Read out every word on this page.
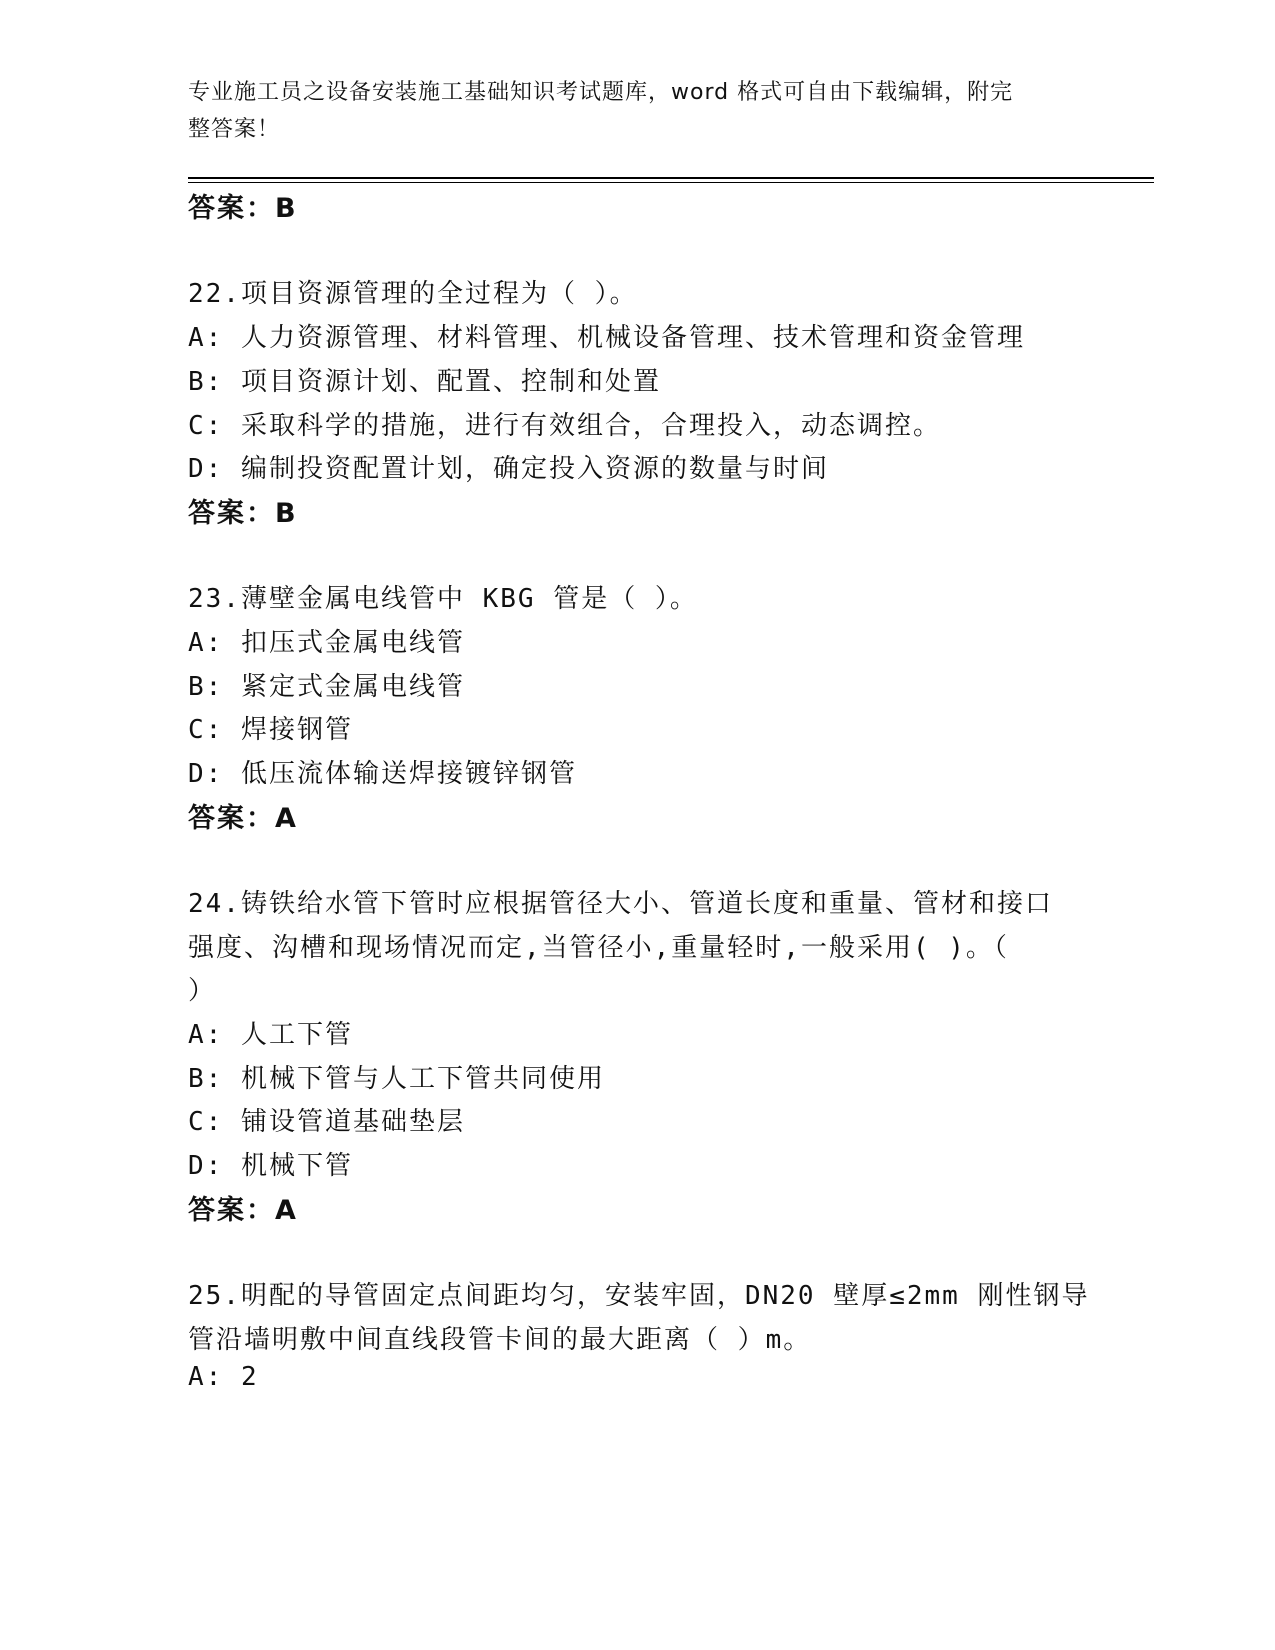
专业施工员之设备安装施工基础知识考试题库，word 格式可自由下载编辑，附完
整答案！
答案：B
22.项目资源管理的全过程为（ ）。
A: 人力资源管理、材料管理、机械设备管理、技术管理和资金管理
B: 项目资源计划、配置、控制和处置
C: 采取科学的措施，进行有效组合，合理投入，动态调控。
D: 编制投资配置计划，确定投入资源的数量与时间
答案：B
23.薄壁金属电线管中 KBG 管是（ ）。
A: 扣压式金属电线管
B: 紧定式金属电线管
C: 焊接钢管
D: 低压流体输送焊接镀锌钢管
答案：A
24.铸铁给水管下管时应根据管径大小、管道长度和重量、管材和接口
强度、沟槽和现场情况而定,当管径小,重量轻时,一般采用( )。（
）
A: 人工下管
B: 机械下管与人工下管共同使用
C: 铺设管道基础垫层
D: 机械下管
答案：A
25.明配的导管固定点间距均匀，安装牢固，DN20 壁厚≤2mm 刚性钢导
管沿墙明敷中间直线段管卡间的最大距离（ ）m。
A: 2
